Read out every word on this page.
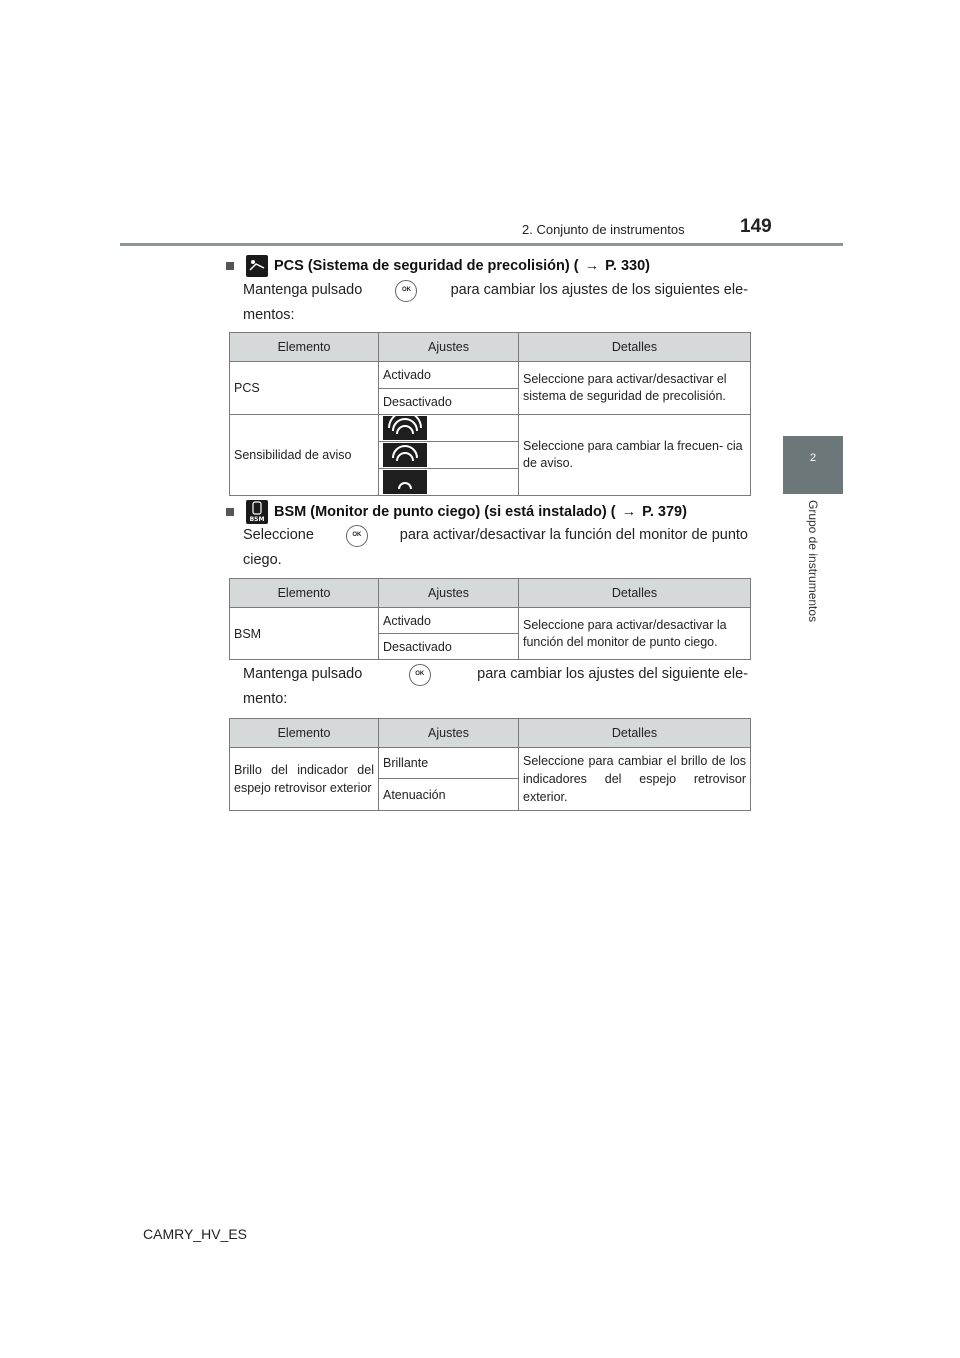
2. Conjunto de instrumentos	149
2
Grupo de instrumentos
PCS (Sistema de seguridad de precolisión) ( → P. 330)
Mantenga pulsado	OK	para cambiar los ajustes de los siguientes ele-
mentos:
Elemento	Ajustes	Detalles
PCS	Activado	Seleccione para activar/desactivar el sistema de seguridad de precolisión.
	Desactivado	
Sensibilidad de aviso		Seleccione para cambiar la frecuen- cia de aviso.

BSM BSM (Monitor de punto ciego) (si está instalado) ( → P. 379)
Seleccione	OK	para activar/desactivar la función del monitor de punto
ciego.
Elemento	Ajustes	Detalles
BSM	Activado	Seleccione para activar/desactivar la función del monitor de punto ciego.
	Desactivado	
Mantenga pulsado	OK	para cambiar los ajustes del siguiente ele-
mento:
Elemento	Ajustes	Detalles
Brillo del indicador del espejo retrovisor exterior	Brillante	Seleccione para cambiar el brillo de los indicadores del espejo retrovisor exterior.
	Atenuación	
CAMRY_HV_ES
